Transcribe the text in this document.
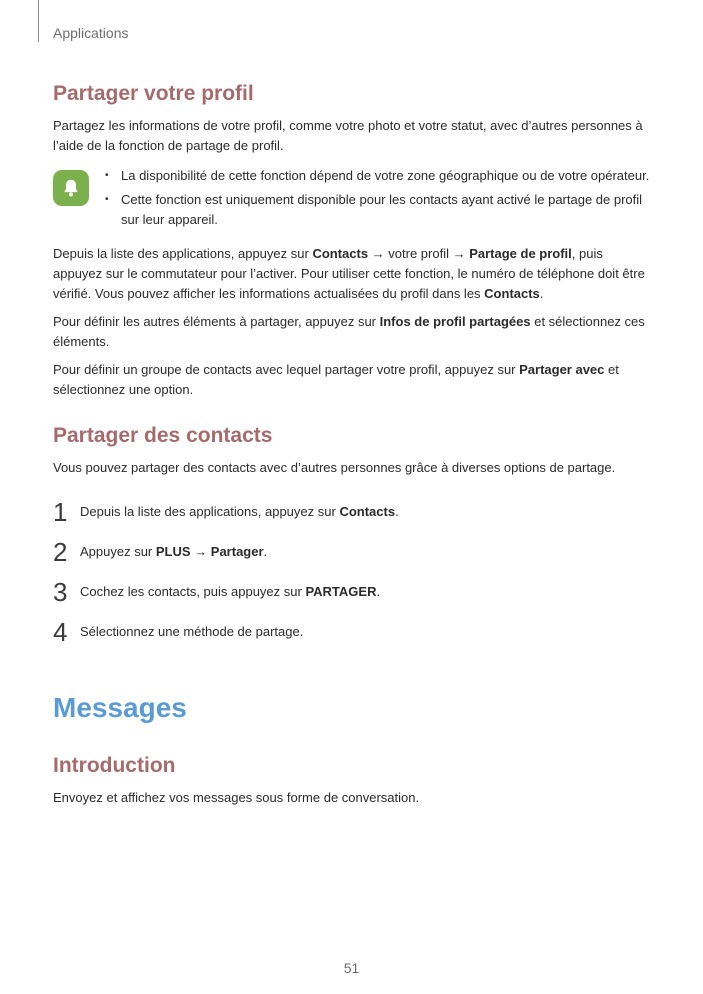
Applications
Partager votre profil

Partagez les informations de votre profil, comme votre photo et votre statut, avec d’autres personnes à l’aide de la fonction de partage de profil.

• La disponibilité de cette fonction dépend de votre zone géographique ou de votre opérateur.
• Cette fonction est uniquement disponible pour les contacts ayant activé le partage de profil sur leur appareil.

Depuis la liste des applications, appuyez sur Contacts → votre profil → Partage de profil, puis appuyez sur le commutateur pour l’activer. Pour utiliser cette fonction, le numéro de téléphone doit être vérifié. Vous pouvez afficher les informations actualisées du profil dans les Contacts.

Pour définir les autres éléments à partager, appuyez sur Infos de profil partagées et sélectionnez ces éléments.

Pour définir un groupe de contacts avec lequel partager votre profil, appuyez sur Partager avec et sélectionnez une option.

Partager des contacts

Vous pouvez partager des contacts avec d’autres personnes grâce à diverses options de partage.

1 Depuis la liste des applications, appuyez sur Contacts.
2 Appuyez sur PLUS → Partager.
3 Cochez les contacts, puis appuyez sur PARTAGER.
4 Sélectionnez une méthode de partage.
Messages
Introduction

Envoyez et affichez vos messages sous forme de conversation.

51
